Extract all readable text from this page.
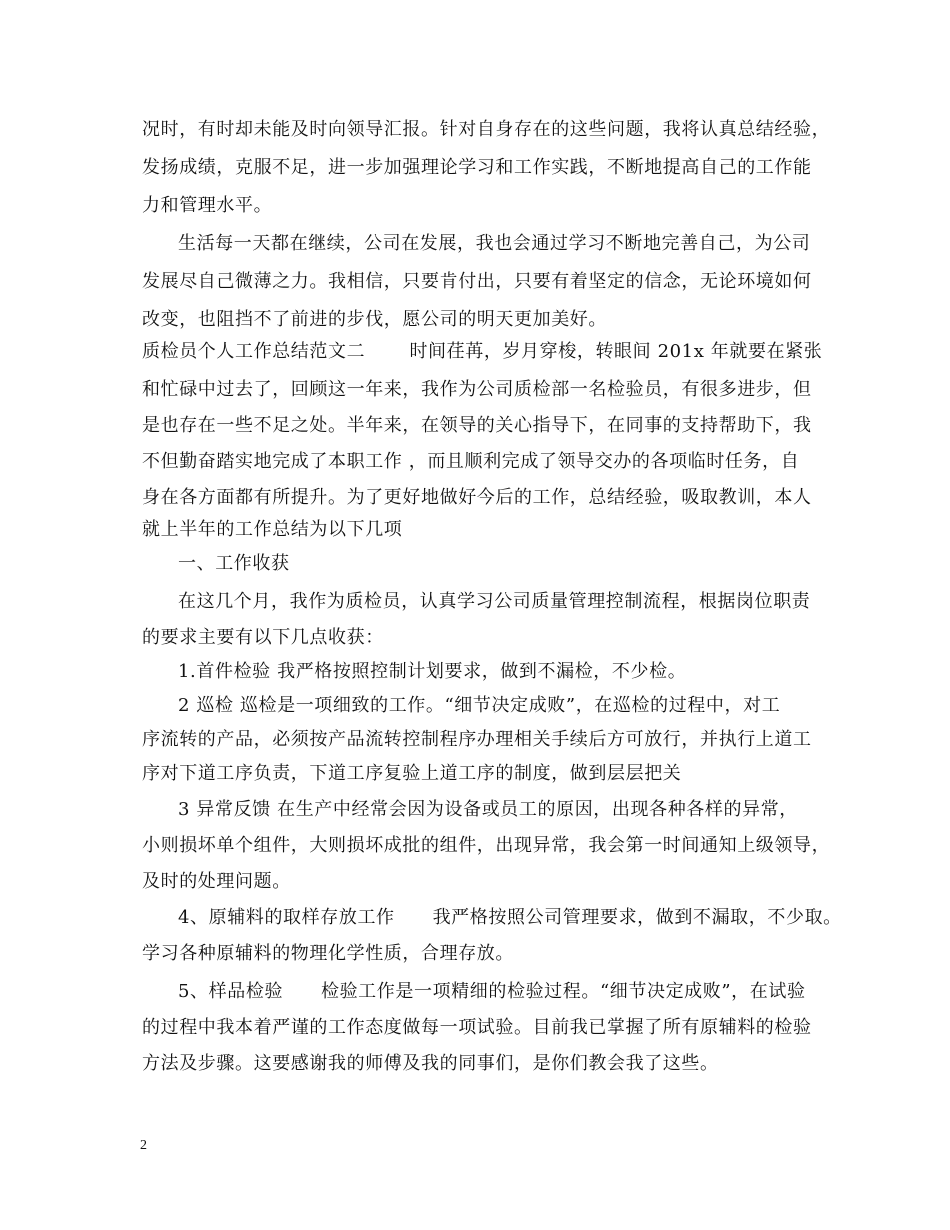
况时，有时却未能及时向领导汇报。针对自身存在的这些问题，我将认真总结经验，
发扬成绩，克服不足，进一步加强理论学习和工作实践，不断地提高自己的工作能
力和管理水平。
生活每一天都在继续，公司在发展，我也会通过学习不断地完善自己，为公司
发展尽自己微薄之力。我相信，只要肯付出，只要有着坚定的信念，无论环境如何
改变，也阻挡不了前进的步伐，愿公司的明天更加美好。
质检员个人工作总结范文二       时间荏苒，岁月穿梭，转眼间 201x 年就要在紧张
和忙碌中过去了，回顾这一年来，我作为公司质检部一名检验员，有很多进步，但
是也存在一些不足之处。半年来，在领导的关心指导下，在同事的支持帮助下，我
不但勤奋踏实地完成了本职工作 ，而且顺利完成了领导交办的各项临时任务，自
身在各方面都有所提升。为了更好地做好今后的工作，总结经验，吸取教训，本人
就上半年的工作总结为以下几项
一、工作收获
在这几个月，我作为质检员，认真学习公司质量管理控制流程，根据岗位职责
的要求主要有以下几点收获：
1.首件检验 我严格按照控制计划要求，做到不漏检，不少检。
2 巡检 巡检是一项细致的工作。“细节决定成败”，在巡检的过程中，对工
序流转的产品，必须按产品流转控制程序办理相关手续后方可放行，并执行上道工
序对下道工序负责，下道工序复验上道工序的制度，做到层层把关
3 异常反馈 在生产中经常会因为设备或员工的原因，出现各种各样的异常，
小则损坏单个组件，大则损坏成批的组件，出现异常，我会第一时间通知上级领导，
及时的处理问题。
4、原辅料的取样存放工作      我严格按照公司管理要求，做到不漏取，不少取。
学习各种原辅料的物理化学性质，合理存放。
5、样品检验      检验工作是一项精细的检验过程。“细节决定成败”，在试验
的过程中我本着严谨的工作态度做每一项试验。目前我已掌握了所有原辅料的检验
方法及步骤。这要感谢我的师傅及我的同事们，是你们教会我了这些。
2
